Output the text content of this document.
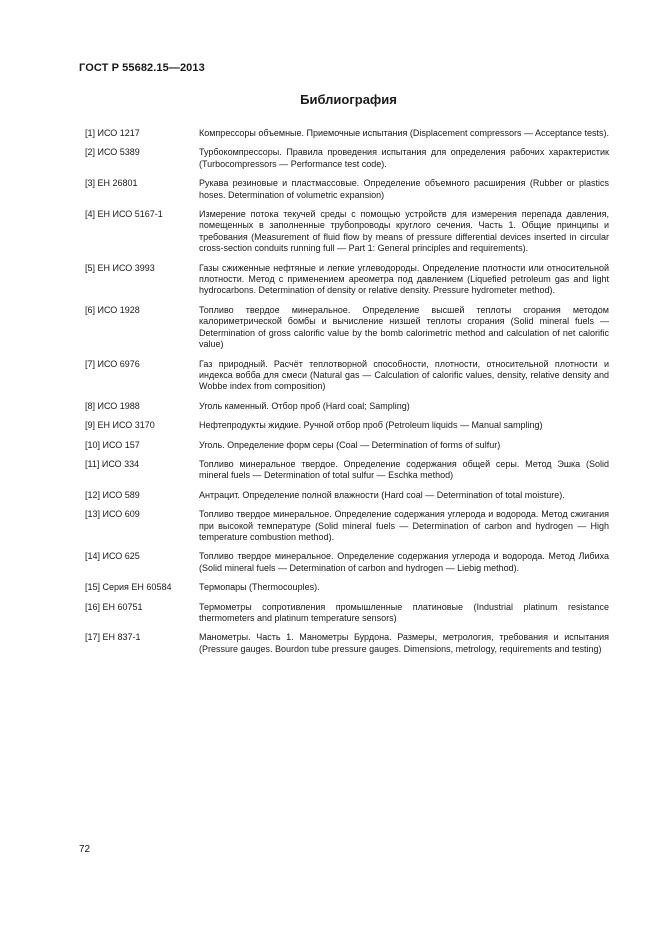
ГОСТ Р 55682.15—2013
Библиография
[1] ИСО 1217	Компрессоры объемные. Приемочные испытания (Displacement compressors — Acceptance tests).
[2] ИСО 5389	Турбокомпрессоры. Правила проведения испытания для определения рабочих характеристик (Turbocompressors — Performance test code).
[3] ЕН 26801	Рукава резиновые и пластмассовые. Определение объемного расширения (Rubber or plastics hoses. Determination of volumetric expansion)
[4] ЕН ИСО 5167-1	Измерение потока текучей среды с помощью устройств для измерения перепада давления, помещенных в заполненные трубопроводы круглого сечения. Часть 1. Общие принципы и требования (Measurement of fluid flow by means of pressure differential devices inserted in circular cross-section conduits running full — Part 1: General principles and requirements).
[5] ЕН ИСО 3993	Газы сжиженные нефтяные и легкие углеводороды. Определение плотности или относительной плотности. Метод с применением ареометра под давлением (Liquefied petroleum gas and light hydrocarbons. Determination of density or relative density. Pressure hydrometer method).
[6] ИСО 1928	Топливо твердое минеральное. Определение высшей теплоты сгорания методом калориметрической бомбы и вычисление низшей теплоты сгорания (Solid mineral fuels — Determination of gross calorific value by the bomb calorimetric method and calculation of net calorific value)
[7] ИСО 6976	Газ природный. Расчёт теплотворной способности, плотности, относительной плотности и индекса вобба для смеси (Natural gas — Calculation of calorific values, density, relative density and Wobbe index from composition)
[8] ИСО 1988	Уголь каменный. Отбор проб (Hard coal; Sampling)
[9] ЕН ИСО 3170	Нефтепродукты жидкие. Ручной отбор проб (Petroleum liquids — Manual sampling)
[10] ИСО 157	Уголь. Определение форм серы (Coal — Determination of forms of sulfur)
[11] ИСО 334	Топливо минеральное твердое. Определение содержания общей серы. Метод Эшка (Solid mineral fuels — Determination of total sulfur — Eschka method)
[12] ИСО 589	Антрацит. Определение полной влажности (Hard coal — Determination of total moisture).
[13] ИСО 609	Топливо твердое минеральное. Определение содержания углерода и водорода. Метод сжигания при высокой температуре (Solid mineral fuels — Determination of carbon and hydrogen — High temperature combustion method).
[14] ИСО 625	Топливо твердое минеральное. Определение содержания углерода и водорода. Метод Либиха (Solid mineral fuels — Determination of carbon and hydrogen — Liebig method).
[15] Серия ЕН 60584	Термопары (Thermocouples).
[16] ЕН 60751	Термометры сопротивления промышленные платиновые (Industrial platinum resistance thermometers and platinum temperature sensors)
[17] ЕН 837-1	Манометры. Часть 1. Манометры Бурдона. Размеры, метрология, требования и испытания (Pressure gauges. Bourdon tube pressure gauges. Dimensions, metrology, requirements and testing)
72
